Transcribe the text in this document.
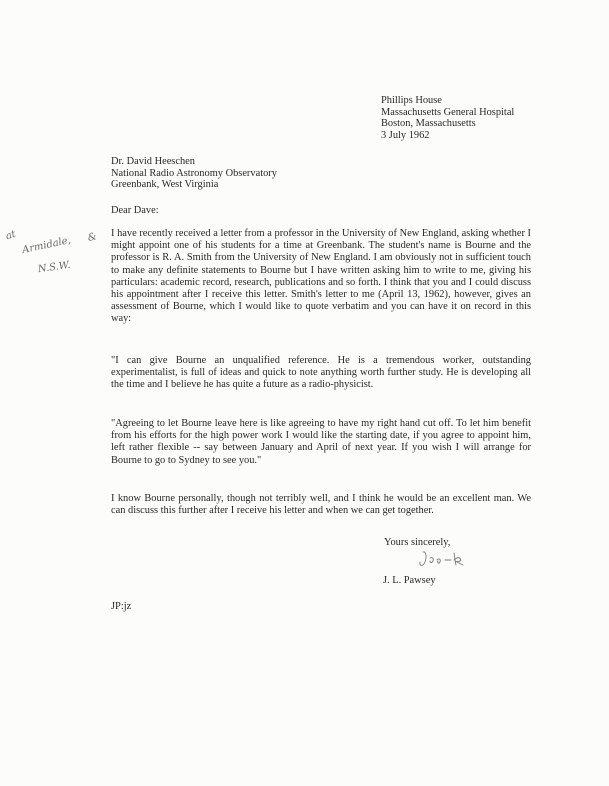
Phillips House
Massachusetts General Hospital
Boston, Massachusetts
3 July 1962
Dr. David Heeschen
National Radio Astronomy Observatory
Greenbank, West Virginia
Dear Dave:
at Armidale, &
N.S.W.
I have recently received a letter from a professor in the University of New England, asking whether I might appoint one of his students for a time at Greenbank. The student's name is Bourne and the professor is R. A. Smith from the University of New England. I am obviously not in sufficient touch to make any definite statements to Bourne but I have written asking him to write to me, giving his particulars: academic record, research, publications and so forth. I think that you and I could discuss his appointment after I receive this letter. Smith's letter to me (April 13, 1962), however, gives an assessment of Bourne, which I would like to quote verbatim and you can have it on record in this way:
"I can give Bourne an unqualified reference. He is a tremendous worker, outstanding experimentalist, is full of ideas and quick to note anything worth further study. He is developing all the time and I believe he has quite a future as a radio-physicist.
"Agreeing to let Bourne leave here is like agreeing to have my right hand cut off. To let him benefit from his efforts for the high power work I would like the starting date, if you agree to appoint him, left rather flexible -- say between January and April of next year. If you wish I will arrange for Bourne to go to Sydney to see you."
I know Bourne personally, though not terribly well, and I think he would be an excellent man. We can discuss this further after I receive his letter and when we can get together.
Yours sincerely,
J. L. Pawsey
JP:jz
